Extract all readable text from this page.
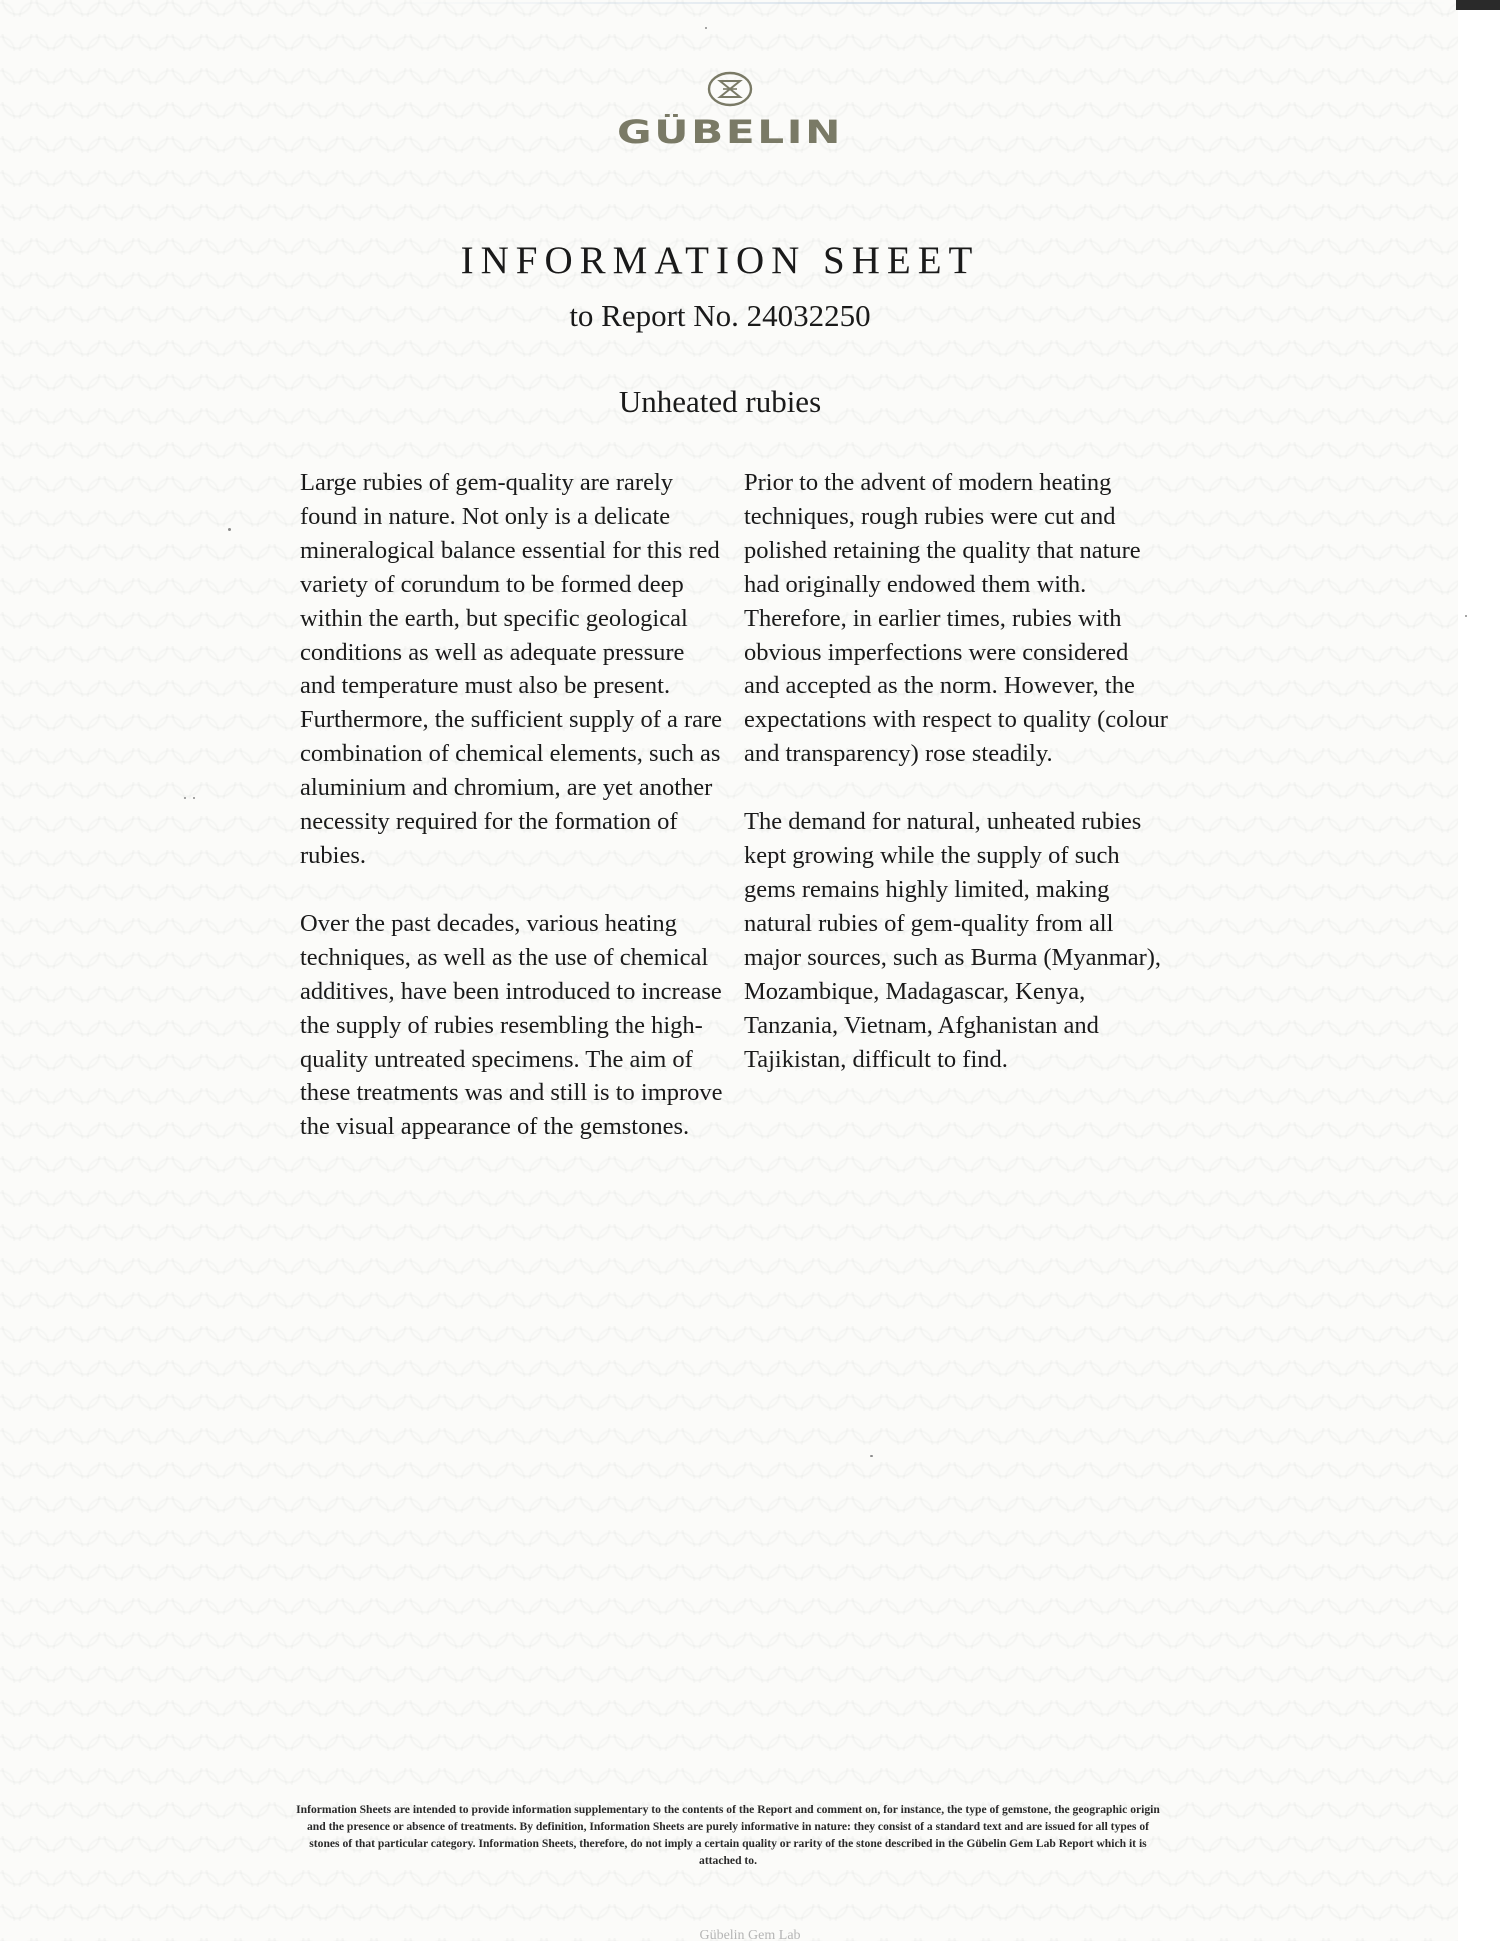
GÜBELIN
INFORMATION SHEET
to Report No. 24032250
Unheated rubies

Large rubies of gem-quality are rarely found in nature. Not only is a delicate mineralogical balance essential for this red variety of corundum to be formed deep within the earth, but specific geological conditions as well as adequate pressure and temperature must also be present. Furthermore, the sufficient supply of a rare combination of chemical elements, such as aluminium and chromium, are yet another necessity required for the formation of rubies.

Over the past decades, various heating techniques, as well as the use of chemical additives, have been introduced to increase the supply of rubies resembling the high-quality untreated specimens. The aim of these treatments was and still is to improve the visual appearance of the gemstones.

Prior to the advent of modern heating techniques, rough rubies were cut and polished retaining the quality that nature had originally endowed them with. Therefore, in earlier times, rubies with obvious imperfections were considered and accepted as the norm. However, the expectations with respect to quality (colour and transparency) rose steadily.

The demand for natural, unheated rubies kept growing while the supply of such gems remains highly limited, making natural rubies of gem-quality from all major sources, such as Burma (Myanmar), Mozambique, Madagascar, Kenya, Tanzania, Vietnam, Afghanistan and Tajikistan, difficult to find.

Information Sheets are intended to provide information supplementary to the contents of the Report and comment on, for instance, the type of gemstone, the geographic origin and the presence or absence of treatments. By definition, Information Sheets are purely informative in nature: they consist of a standard text and are issued for all types of stones of that particular category. Information Sheets, therefore, do not imply a certain quality or rarity of the stone described in the Gübelin Gem Lab Report which it is attached to.
Gübelin Gem Lab
